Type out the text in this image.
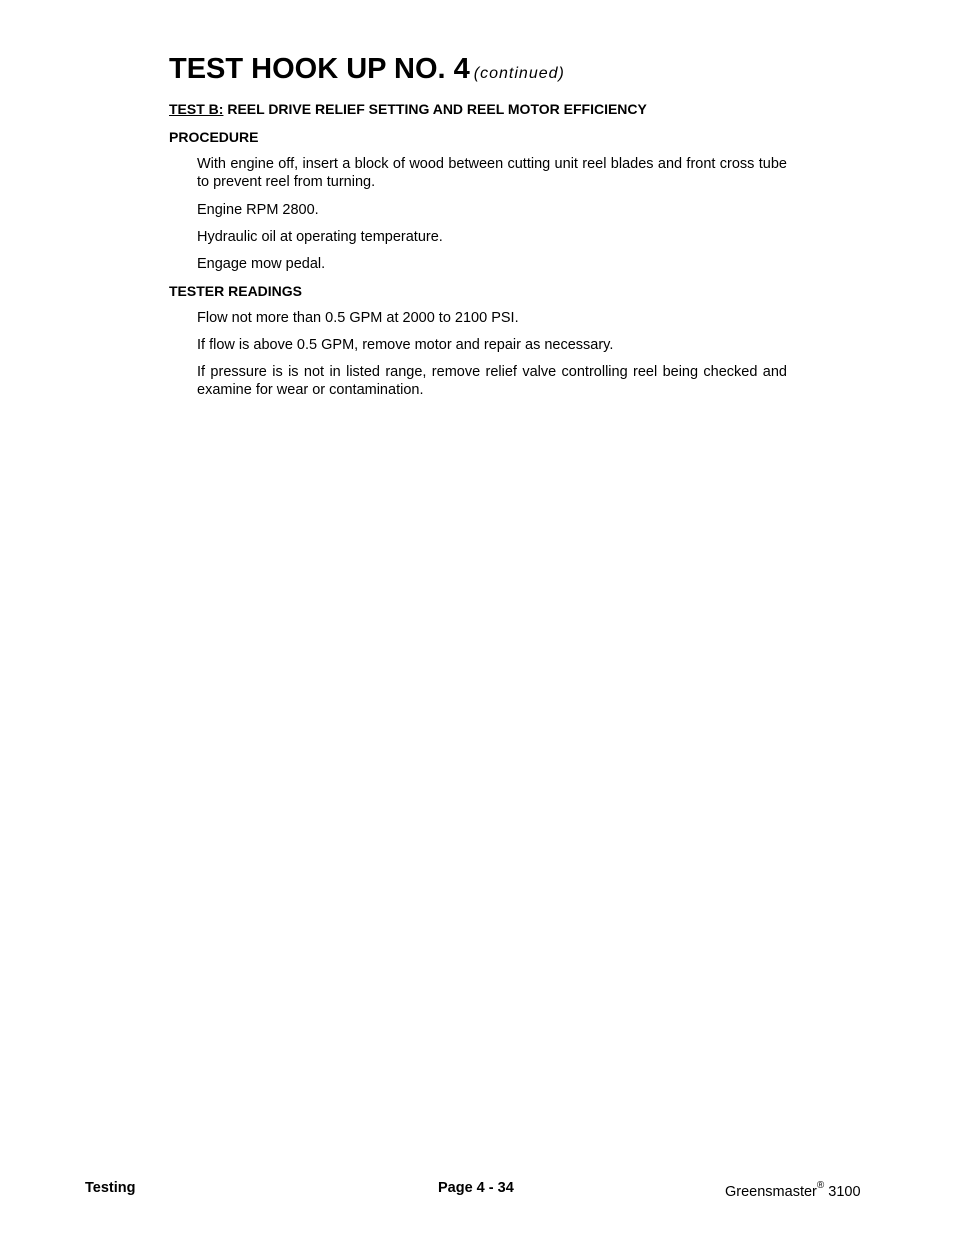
TEST HOOK UP NO. 4 (continued)
TEST B: REEL DRIVE RELIEF SETTING AND REEL MOTOR EFFICIENCY
PROCEDURE

With engine off, insert a block of wood between cutting unit reel blades and front cross tube to prevent reel from turning.

Engine RPM 2800.

Hydraulic oil at operating temperature.

Engage mow pedal.

TESTER READINGS

Flow not more than 0.5 GPM at 2000 to 2100 PSI.

If flow is above 0.5 GPM, remove motor and repair as necessary.

If pressure is is not in listed range, remove relief valve controlling reel being checked and examine for wear or contamination.

Testing	Page 4 - 34	Greensmaster® 3100
